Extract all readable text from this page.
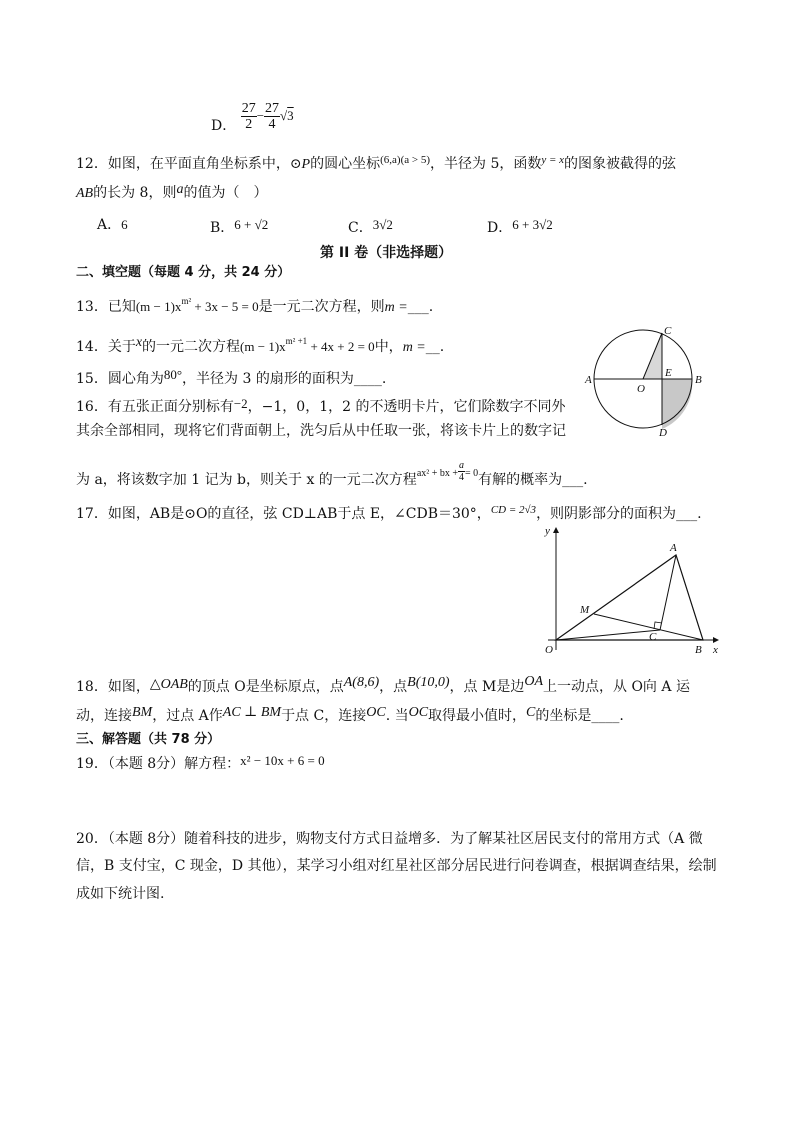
D． $\frac{27}{2} - \frac{27}{4} √3$
12．如图，在平面直角坐标系中，⊙P的圆心坐标$^{(6,a)(a > 5)}$，半径为 5，函数$^{y = x}$的图象被截得的弦
AB的长为 8，则a的值为（　）
A．6	B．6 + √2	C．3√2	D．6 + 3√2
第 II 卷（非选择题）
二、填空题（每题 4 分，共 24 分）
13．已知$(m - 1)x^{m^2} + 3x - 5 = 0$是一元二次方程，则m =___.
14．关于x的一元二次方程$(m - 1)x^{m^2 +1} + 4x + 2 = 0$中，m =__.
15．圆心角为80°，半径为 3 的扇形的面积为____.
16．有五张正面分别标有−2，−1，0，1，2 的不透明卡片，它们除数字不同外
其余全部相同，现将它们背面朝上，洗匀后从中任取一张，将该卡片上的数字记
为 a，将该数字加 1 记为 b，则关于 x 的一元二次方程$^{ax^2 + bx +} \frac{a}{4} ^{= 0}$有解的概率为___.
17．如图，AB是⊙O的直径，弦 CD⊥AB于点 E，∠CDB＝30°，$^{CD = 2√3}$，则阴影部分的面积为___.
A	B
C
D
E
O
y
x
A
B
C
M
O
18．如图，△OAB的顶点 O是坐标原点，点A(8,6)，点B(10,0)，点 M是边OA上一动点，从 O向 A 运
动，连接BM，过点 A作AC ⊥ BM于点 C，连接OC. 当OC取得最小值时，C的坐标是____.
三、解答题（共 78 分）
19．（本题 8分）解方程：x² − 10x + 6 = 0
20．（本题 8分）随着科技的进步，购物支付方式日益增多．为了解某社区居民支付的常用方式（A 微
信，B 支付宝，C 现金，D 其他），某学习小组对红星社区部分居民进行问卷调查，根据调查结果，绘制
成如下统计图.
